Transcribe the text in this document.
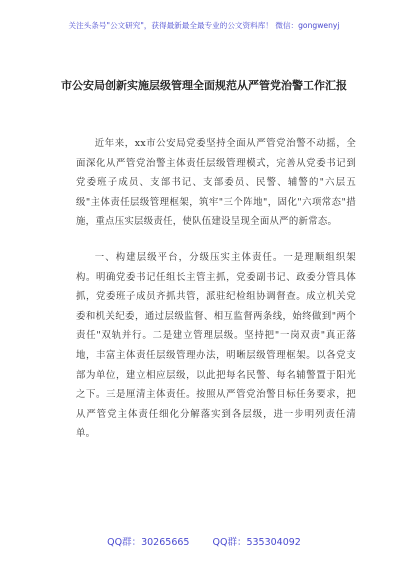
关注头条号"公文研究"，获得最新最全最专业的公文资料库！ 微信：gongwenyj
市公安局创新实施层级管理全面规范从严管党治警工作汇报
近年来，xx市公安局党委坚持全面从严管党治警不动摇，全面深化从严管党治警主体责任层级管理模式，完善从党委书记到党委班子成员、支部书记、支部委员、民警、辅警的"六层五级"主体责任层级管理框架，筑牢"三个阵地"，固化"六项常态"措施，重点压实层级责任，使队伍建设呈现全面从严的新常态。
一、构建层级平台，分级压实主体责任。一是理顺组织架构。明确党委书记任组长主管主抓，党委副书记、政委分管具体抓，党委班子成员齐抓共管，派驻纪检组协调督查。成立机关党委和机关纪委，通过层级监督、相互监督两条线，始终做到"两个责任"双轨并行。二是建立管理层级。坚持把"一岗双责"真正落地，丰富主体责任层级管理办法，明晰层级管理框架。以各党支部为单位，建立相应层级，以此把每名民警、每名辅警置于阳光之下。三是厘清主体责任。按照从严管党治警目标任务要求，把从严管党主体责任细化分解落实到各层级，进一步明列责任清单。
QQ群：30265665 QQ群：535304092
